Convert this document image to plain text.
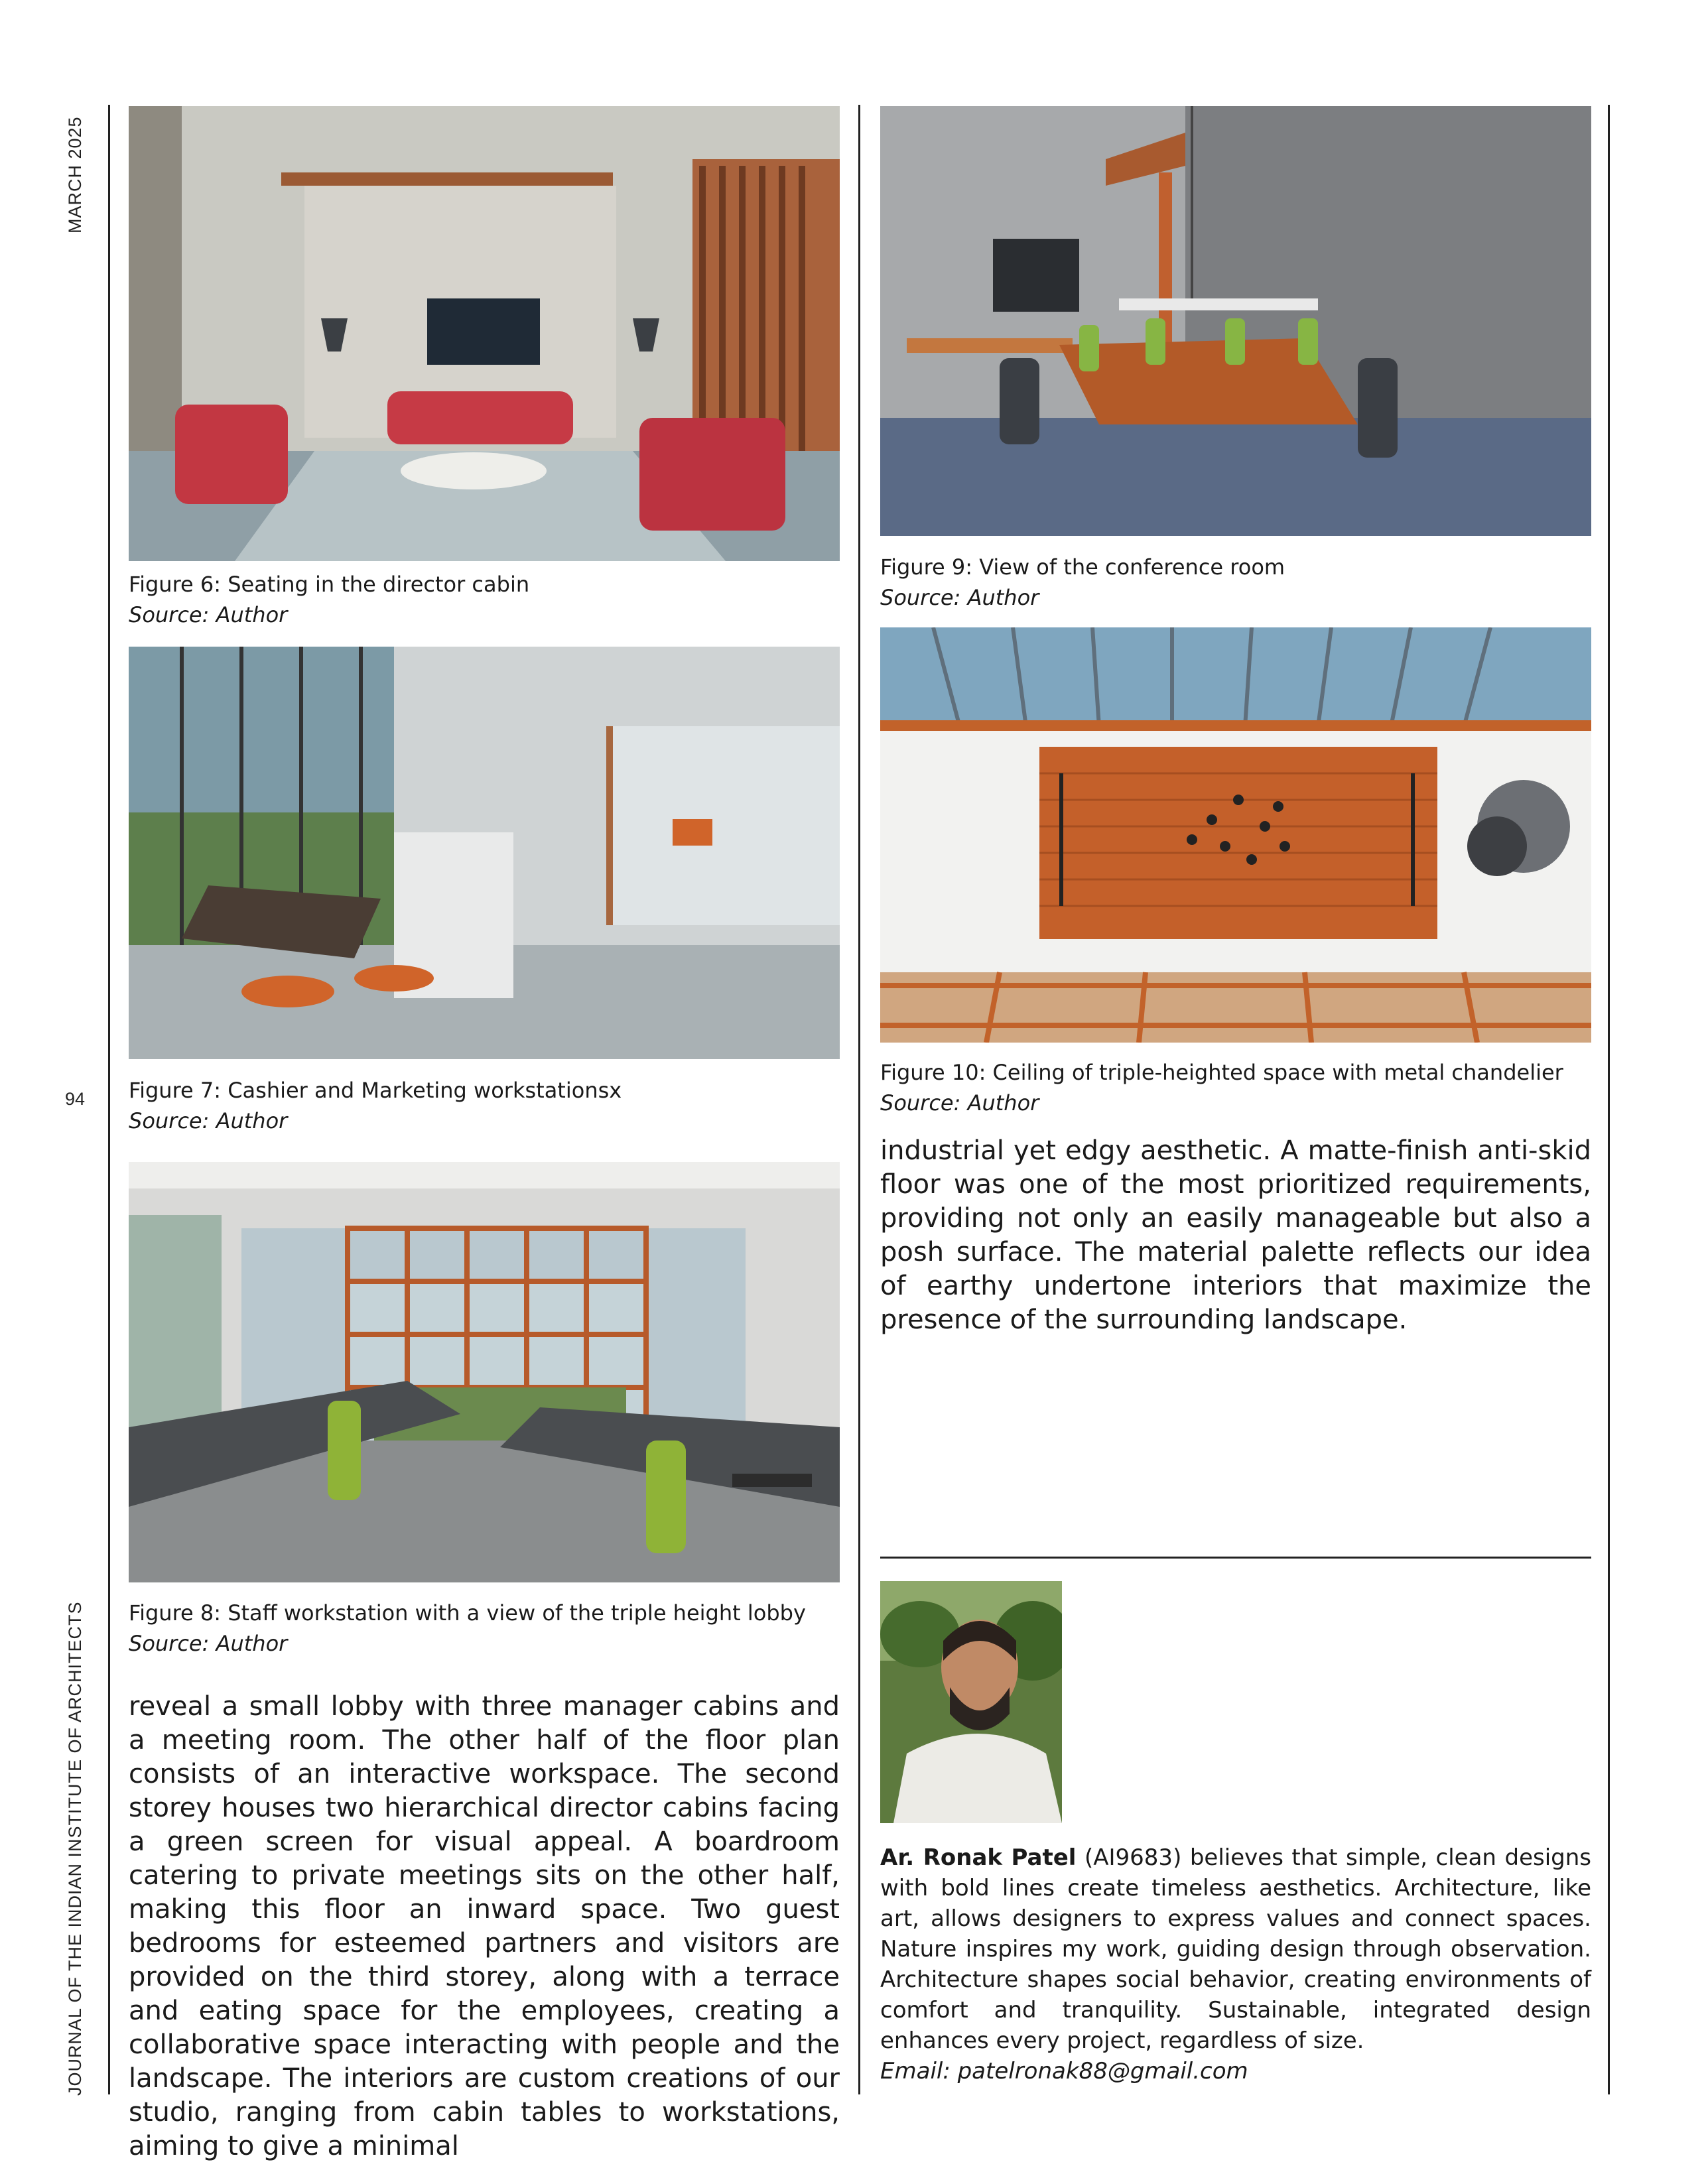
MARCH 2025
JOURNAL OF THE INDIAN INSTITUTE OF ARCHITECTS
94
Figure 6: Seating in the director cabin
Source: Author
Figure 7: Cashier and Marketing workstationsx
Source: Author
Figure 8: Staff workstation with a view of the triple height lobby
Source: Author
reveal a small lobby with three manager cabins and a meeting room. The other half of the floor plan consists of an interactive workspace. The second storey houses two hierarchical director cabins facing a green screen for visual appeal. A boardroom catering to private meetings sits on the other half, making this floor an inward space. Two guest bedrooms for esteemed partners and visitors are provided on the third storey, along with a terrace and eating space for the employees, creating a collaborative space interacting with people and the landscape. The interiors are custom creations of our studio, ranging from cabin tables to workstations, aiming to give a minimal
Figure 9: View of the conference room
Source: Author
Figure 10: Ceiling of triple-heighted space with metal chandelier
Source: Author
industrial yet edgy aesthetic. A matte-finish anti-skid floor was one of the most prioritized requirements, providing not only an easily manageable but also a posh surface. The material palette reflects our idea of earthy undertone interiors that maximize the presence of the surrounding landscape.
Ar. Ronak Patel (AI9683) believes that simple, clean designs with bold lines create timeless aesthetics. Architecture, like art, allows designers to express values and connect spaces. Nature inspires my work, guiding design through observation. Architecture shapes social behavior, creating environments of comfort and tranquility. Sustainable, integrated design enhances every project, regardless of size.
Email: patelronak88@gmail.com
